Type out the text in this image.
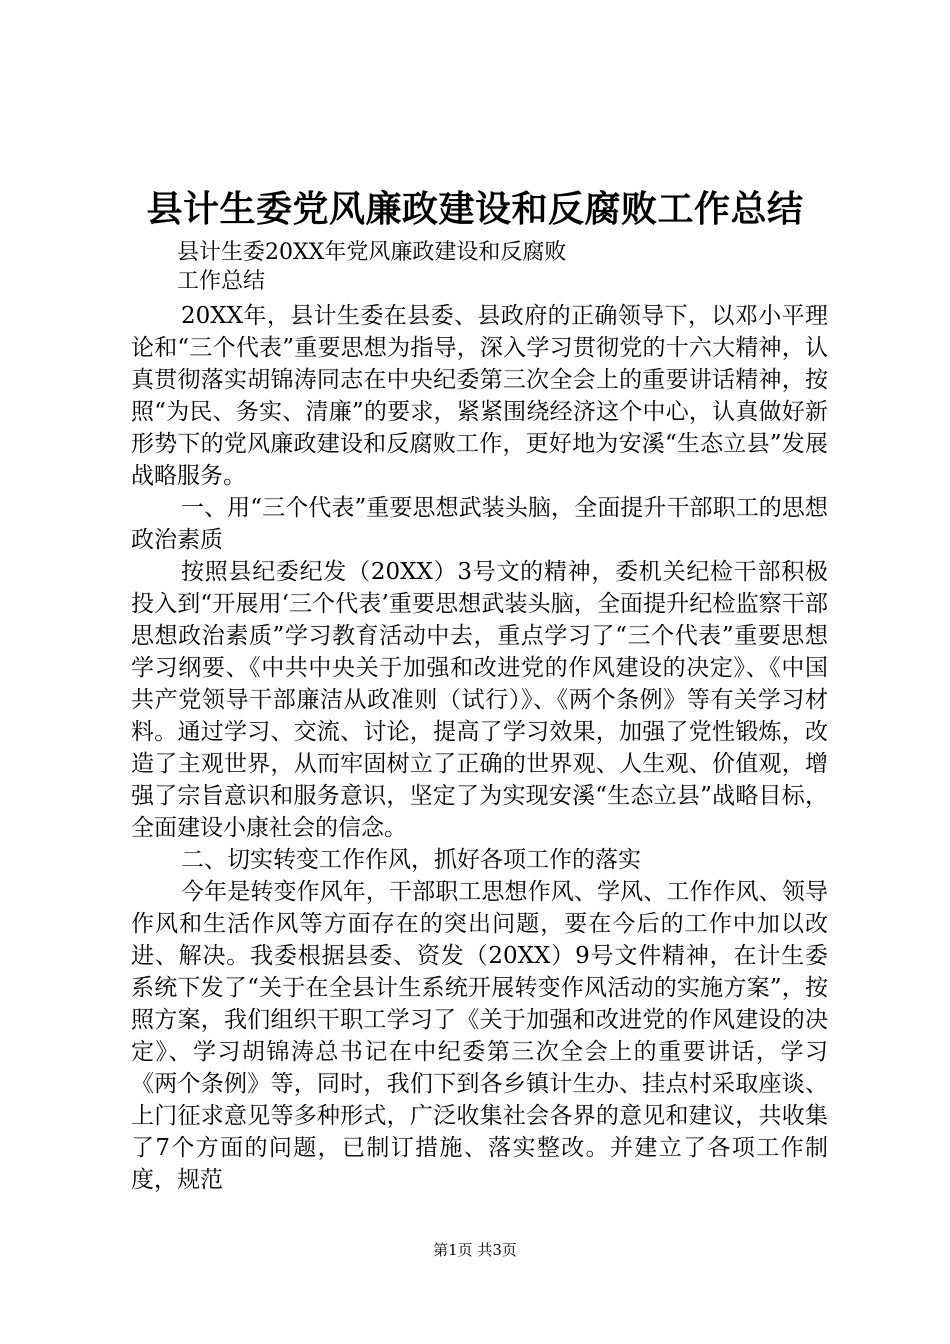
县计生委党风廉政建设和反腐败工作总结

县计生委20XX年党风廉政建设和反腐败

工作总结

20XX年，县计生委在县委、县政府的正确领导下，以邓小平理论和“三个代表”重要思想为指导，深入学习贯彻党的十六大精神，认真贯彻落实胡锦涛同志在中央纪委第三次全会上的重要讲话精神，按照“为民、务实、清廉”的要求，紧紧围绕经济这个中心，认真做好新形势下的党风廉政建设和反腐败工作，更好地为安溪“生态立县”发展战略服务。

一、用“三个代表”重要思想武装头脑，全面提升干部职工的思想政治素质

按照县纪委纪发（20XX）3号文的精神，委机关纪检干部积极投入到“开展用‘三个代表’重要思想武装头脑，全面提升纪检监察干部思想政治素质”学习教育活动中去，重点学习了“三个代表”重要思想学习纲要、《中共中央关于加强和改进党的作风建设的决定》、《中国共产党领导干部廉洁从政准则（试行）》、《两个条例》等有关学习材料。通过学习、交流、讨论，提高了学习效果，加强了党性锻炼，改造了主观世界，从而牢固树立了正确的世界观、人生观、价值观，增强了宗旨意识和服务意识，坚定了为实现安溪“生态立县”战略目标，全面建设小康社会的信念。

二、切实转变工作作风，抓好各项工作的落实

今年是转变作风年，干部职工思想作风、学风、工作作风、领导作风和生活作风等方面存在的突出问题，要在今后的工作中加以改进、解决。我委根据县委、资发（20XX）9号文件精神，在计生委系统下发了“关于在全县计生系统开展转变作风活动的实施方案”，按照方案，我们组织干职工学习了《关于加强和改进党的作风建设的决定》、学习胡锦涛总书记在中纪委第三次全会上的重要讲话，学习《两个条例》等，同时，我们下到各乡镇计生办、挂点村采取座谈、上门征求意见等多种形式，广泛收集社会各界的意见和建议，共收集了7个方面的问题，已制订措施、落实整改。并建立了各项工作制度，规范

第1页 共3页
